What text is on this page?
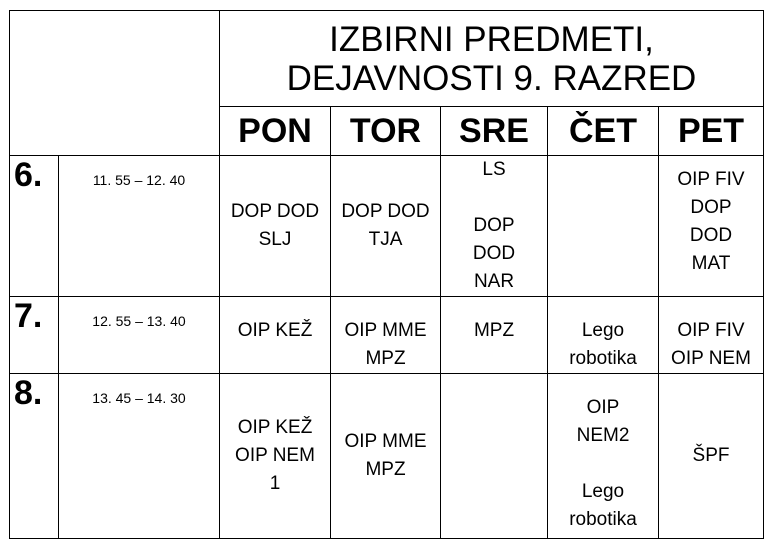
		IZBIRNI PREDMETI,
DEJAVNOSTI 9. RAZRED				

		PON	TOR	SRE	ČET	PET
6.	11. 55 – 12. 40	DOP DOD
SLJ	DOP DOD
TJA	LS
DOP
DOD
NAR		OIP FIV
DOP
DOD
MAT

7.	12. 55 – 13. 40	OIP KEŽ	OIP MME
MPZ	MPZ	Lego
robotika	OIP FIV
OIP NEM

8.	13. 45 – 14. 30	OIP KEŽ
OIP NEM
1	OIP MME
MPZ		OIP
NEM2
Lego
robotika	ŠPF
